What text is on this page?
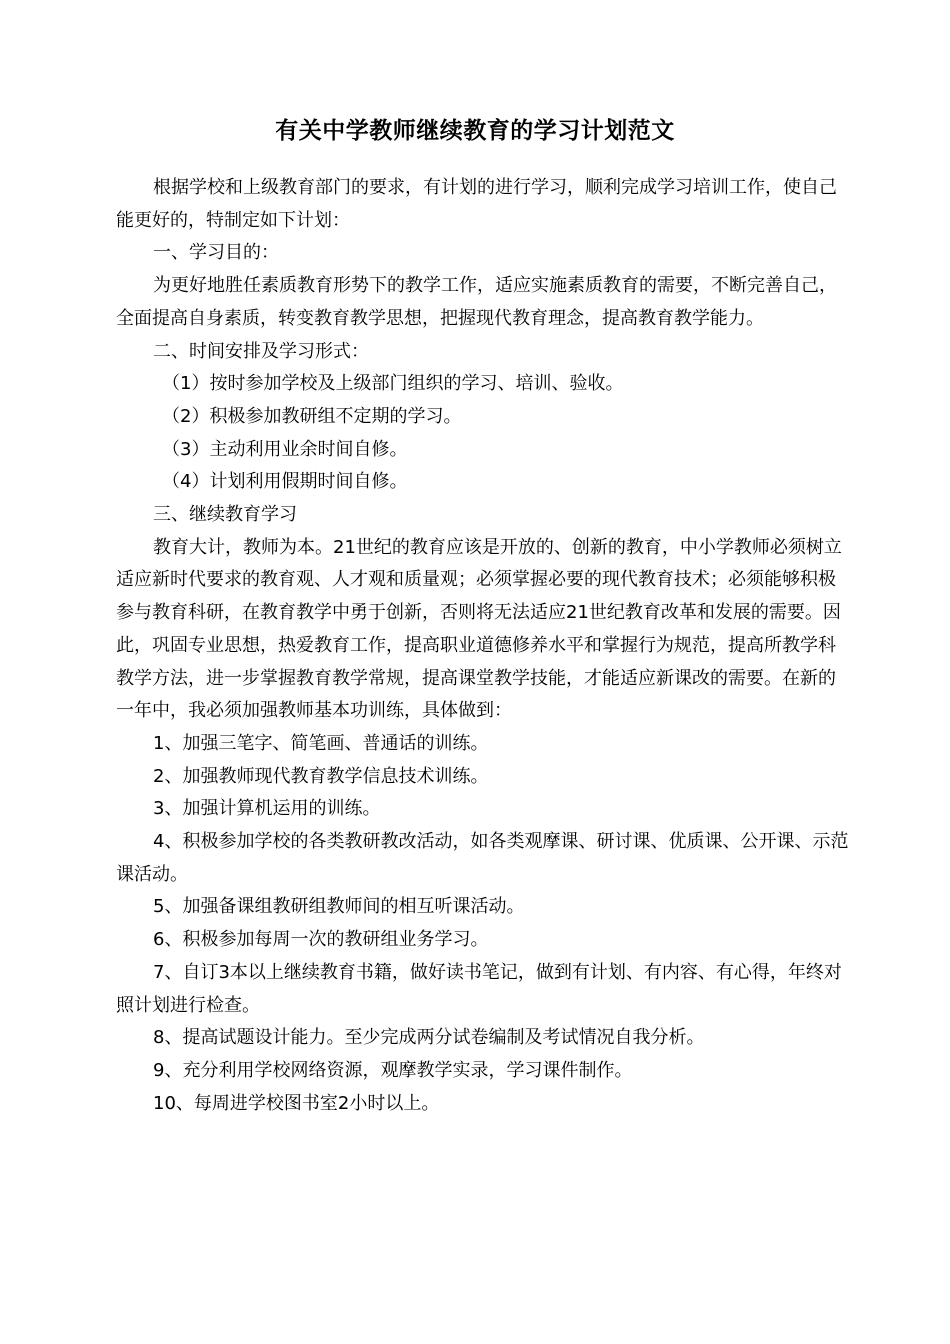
有关中学教师继续教育的学习计划范文

根据学校和上级教育部门的要求，有计划的进行学习，顺利完成学习培训工作，使自己能更好的，特制定如下计划：

一、学习目的：

为更好地胜任素质教育形势下的教学工作，适应实施素质教育的需要，不断完善自己，全面提高自身素质，转变教育教学思想，把握现代教育理念，提高教育教学能力。

二、时间安排及学习形式：

（1）按时参加学校及上级部门组织的学习、培训、验收。

（2）积极参加教研组不定期的学习。

（3）主动利用业余时间自修。

（4）计划利用假期时间自修。

三、继续教育学习

教育大计，教师为本。21世纪的教育应该是开放的、创新的教育，中小学教师必须树立适应新时代要求的教育观、人才观和质量观；必须掌握必要的现代教育技术；必须能够积极参与教育科研，在教育教学中勇于创新，否则将无法适应21世纪教育改革和发展的需要。因此，巩固专业思想，热爱教育工作，提高职业道德修养水平和掌握行为规范，提高所教学科教学方法，进一步掌握教育教学常规，提高课堂教学技能，才能适应新课改的需要。在新的一年中，我必须加强教师基本功训练，具体做到：

1、加强三笔字、简笔画、普通话的训练。

2、加强教师现代教育教学信息技术训练。

3、加强计算机运用的训练。

4、积极参加学校的各类教研教改活动，如各类观摩课、研讨课、优质课、公开课、示范课活动。

5、加强备课组教研组教师间的相互听课活动。

6、积极参加每周一次的教研组业务学习。

7、自订3本以上继续教育书籍，做好读书笔记，做到有计划、有内容、有心得，年终对照计划进行检查。

8、提高试题设计能力。至少完成两分试卷编制及考试情况自我分析。

9、充分利用学校网络资源，观摩教学实录，学习课件制作。

10、每周进学校图书室2小时以上。
